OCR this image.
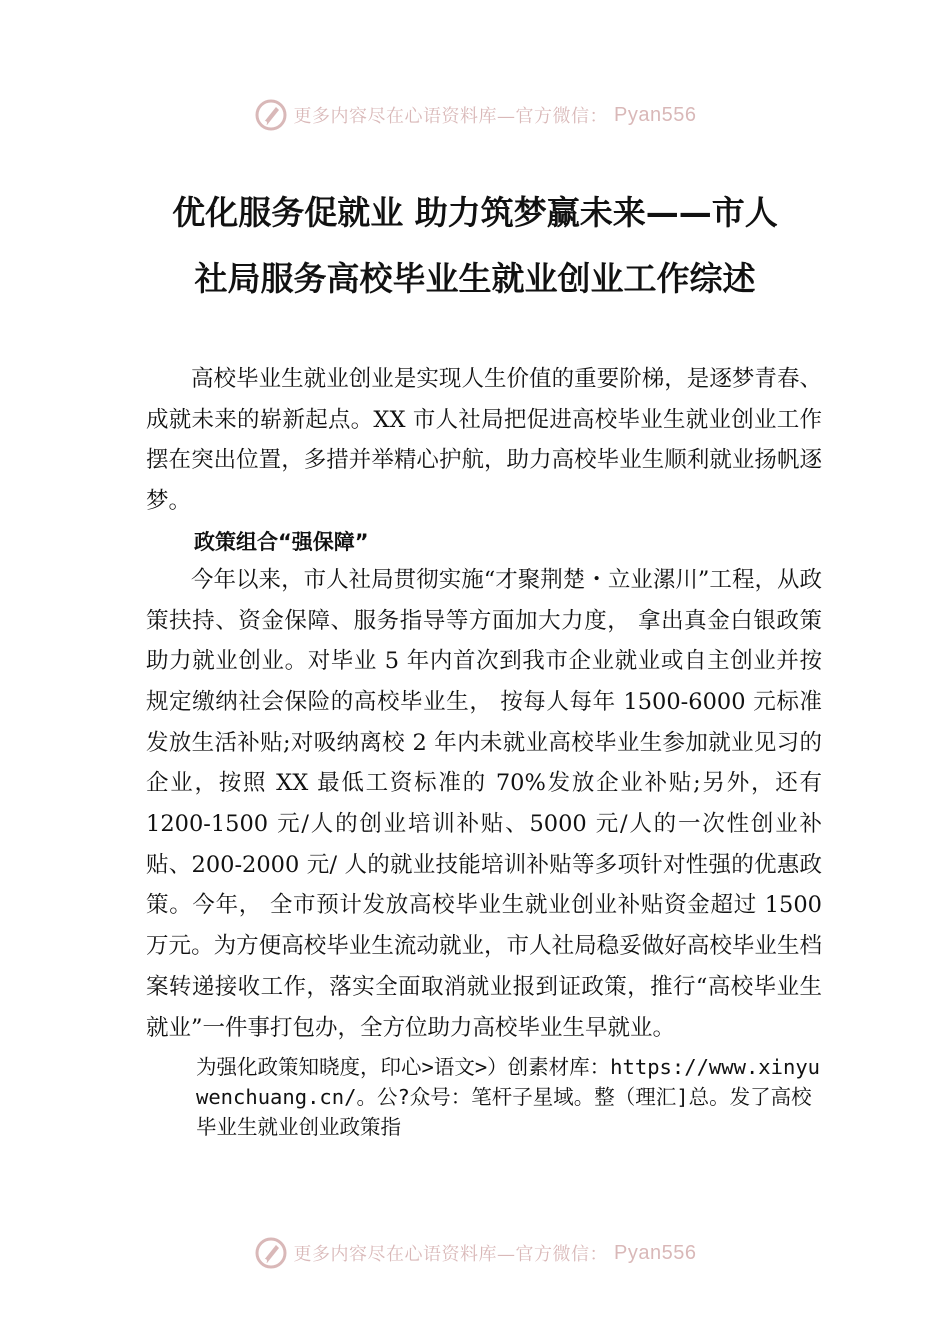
更多内容尽在心语资料库—官方微信： Pyan556
优化服务促就业 助力筑梦赢未来——市人
社局服务高校毕业生就业创业工作综述

高校毕业生就业创业是实现人生价值的重要阶梯，是逐梦青春、成就未来的崭新起点。XX 市人社局把促进高校毕业生就业创业工作摆在突出位置，多措并举精心护航，助力高校毕业生顺利就业扬帆逐梦。

政策组合“强保障”

今年以来，市人社局贯彻实施“才聚荆楚・立业漯川”工程，从政策扶持、资金保障、服务指导等方面加大力度， 拿出真金白银政策助力就业创业。对毕业 5 年内首次到我市企业就业或自主创业并按规定缴纳社会保险的高校毕业生， 按每人每年 1500-6000 元标准发放生活补贴;对吸纳离校 2 年内未就业高校毕业生参加就业见习的企业，按照 XX 最低工资标准的 70%发放企业补贴;另外，还有 1200-1500 元/人的创业培训补贴、5000 元/人的一次性创业补贴、200-2000 元/ 人的就业技能培训补贴等多项针对性强的优惠政策。今年， 全市预计发放高校毕业生就业创业补贴资金超过 1500 万元。为方便高校毕业生流动就业，市人社局稳妥做好高校毕业生档案转递接收工作，落实全面取消就业报到证政策，推行“高校毕业生就业”一件事打包办，全方位助力高校毕业生早就业。

为强化政策知晓度，印心>语文>）创素材库：https://www.xinyuwenchuang.cn/。公?众号：笔杆子星域。整（理汇]总。发了高校毕业生就业创业政策指

更多内容尽在心语资料库—官方微信： Pyan556
